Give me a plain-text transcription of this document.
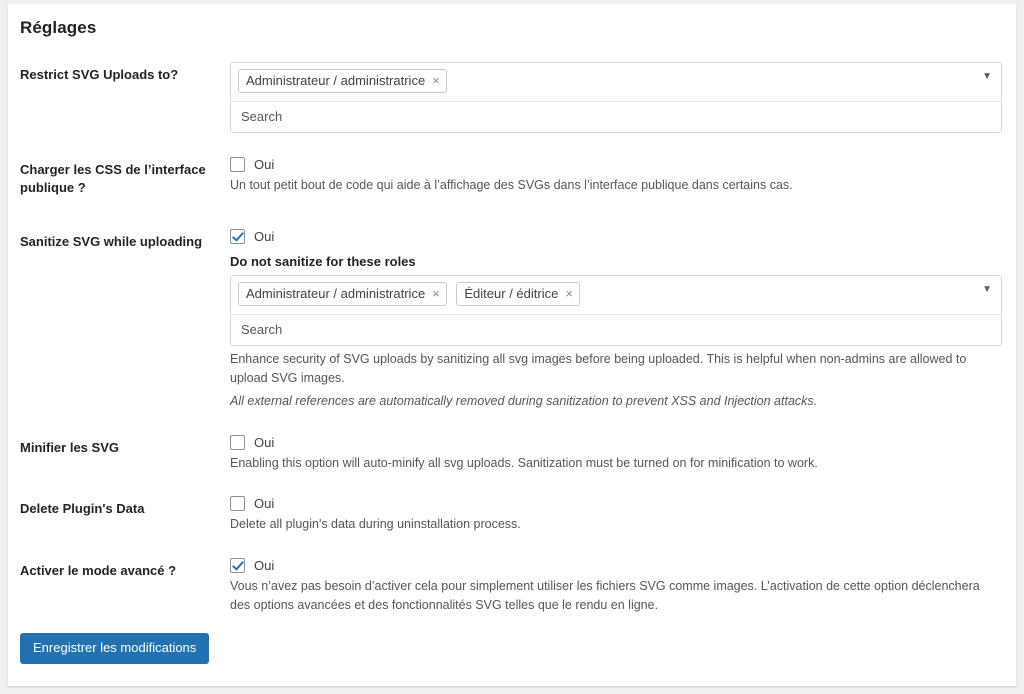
Réglages
Restrict SVG Uploads to?	Administrateur / administratrice ×
Search
▼

Charger les CSS de l’interface publique ?	Oui
Un tout petit bout de code qui aide à l’affichage des SVGs dans l’interface publique dans certains cas.

Sanitize SVG while uploading	Oui
Do not sanitize for these roles
Administrateur / administratrice × Éditeur / éditrice ×
Search
▼
Enhance security of SVG uploads by sanitizing all svg images before being uploaded. This is helpful when non-admins are allowed to upload SVG images.
All external references are automatically removed during sanitization to prevent XSS and Injection attacks.

Minifier les SVG	Oui
Enabling this option will auto-minify all svg uploads. Sanitization must be turned on for minification to work.

Delete Plugin's Data	Oui
Delete all plugin's data during uninstallation process.

Activer le mode avancé ?	Oui
Vous n’avez pas besoin d’activer cela pour simplement utiliser les fichiers SVG comme images. L’activation de cette option déclenchera des options avancées et des fonctionnalités SVG telles que le rendu en ligne.
Enregistrer les modifications
